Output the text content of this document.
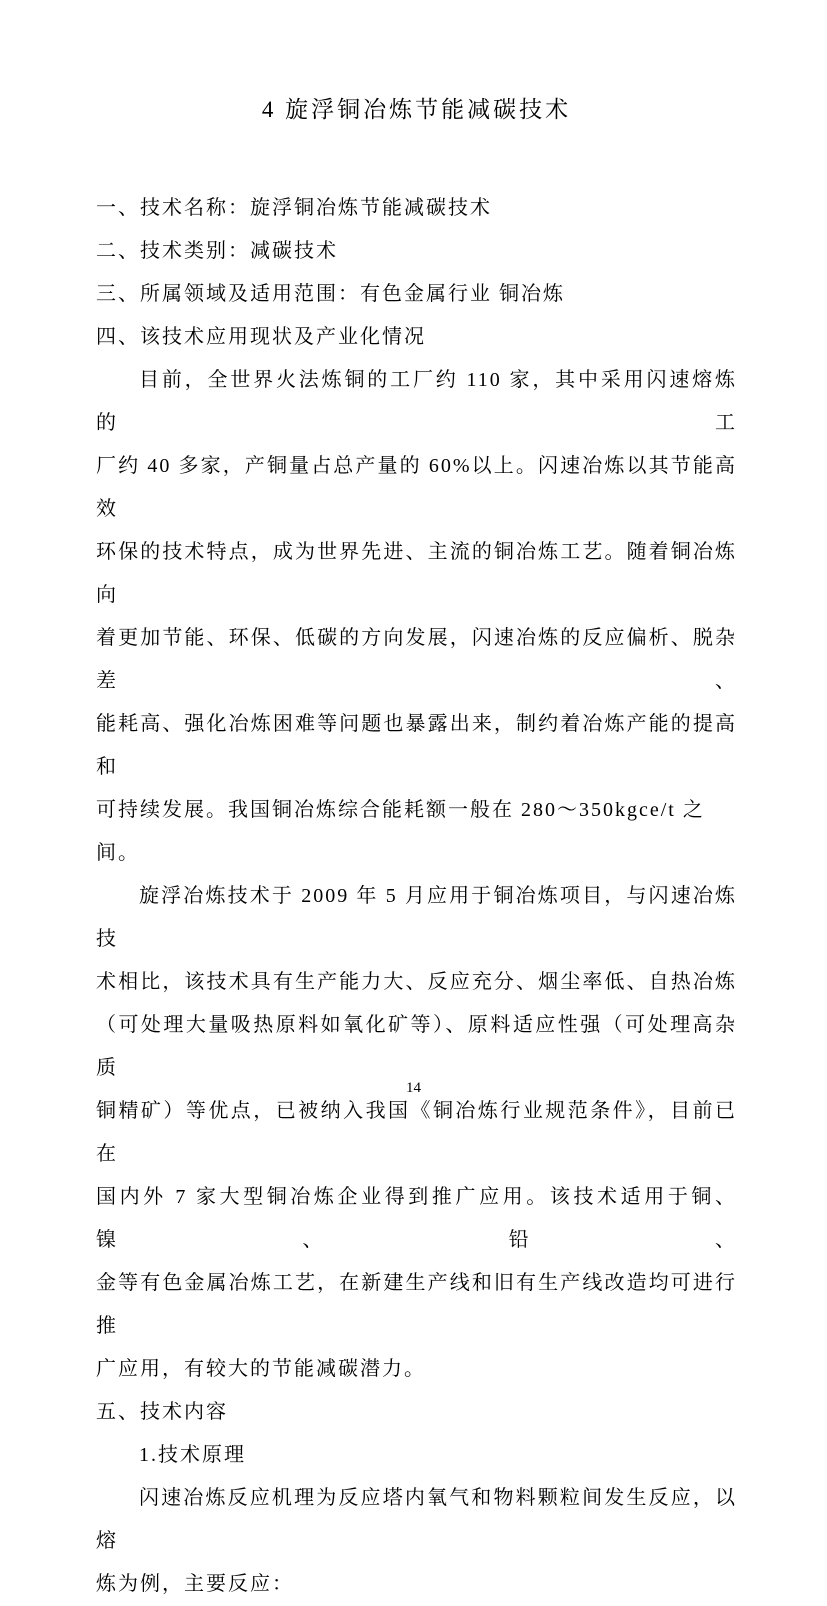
4 旋浮铜冶炼节能减碳技术
一、技术名称：旋浮铜冶炼节能减碳技术
二、技术类别：减碳技术
三、所属领域及适用范围：有色金属行业 铜冶炼
四、该技术应用现状及产业化情况
目前，全世界火法炼铜的工厂约 110 家，其中采用闪速熔炼的工
厂约 40 多家，产铜量占总产量的 60%以上。闪速冶炼以其节能高效
环保的技术特点，成为世界先进、主流的铜冶炼工艺。随着铜冶炼向
着更加节能、环保、低碳的方向发展，闪速冶炼的反应偏析、脱杂差、
能耗高、强化冶炼困难等问题也暴露出来，制约着冶炼产能的提高和
可持续发展。我国铜冶炼综合能耗额一般在 280～350kgce/t 之间。
旋浮冶炼技术于 2009 年 5 月应用于铜冶炼项目，与闪速冶炼技
术相比，该技术具有生产能力大、反应充分、烟尘率低、自热冶炼
（可处理大量吸热原料如氧化矿等）、原料适应性强（可处理高杂质
铜精矿）等优点，已被纳入我国《铜冶炼行业规范条件》，目前已在
国内外 7 家大型铜冶炼企业得到推广应用。该技术适用于铜、镍、铅、
金等有色金属冶炼工艺，在新建生产线和旧有生产线改造均可进行推
广应用，有较大的节能减碳潜力。
五、技术内容
1.技术原理
闪速冶炼反应机理为反应塔内氧气和物料颗粒间发生反应，以熔
炼为例，主要反应：
14
